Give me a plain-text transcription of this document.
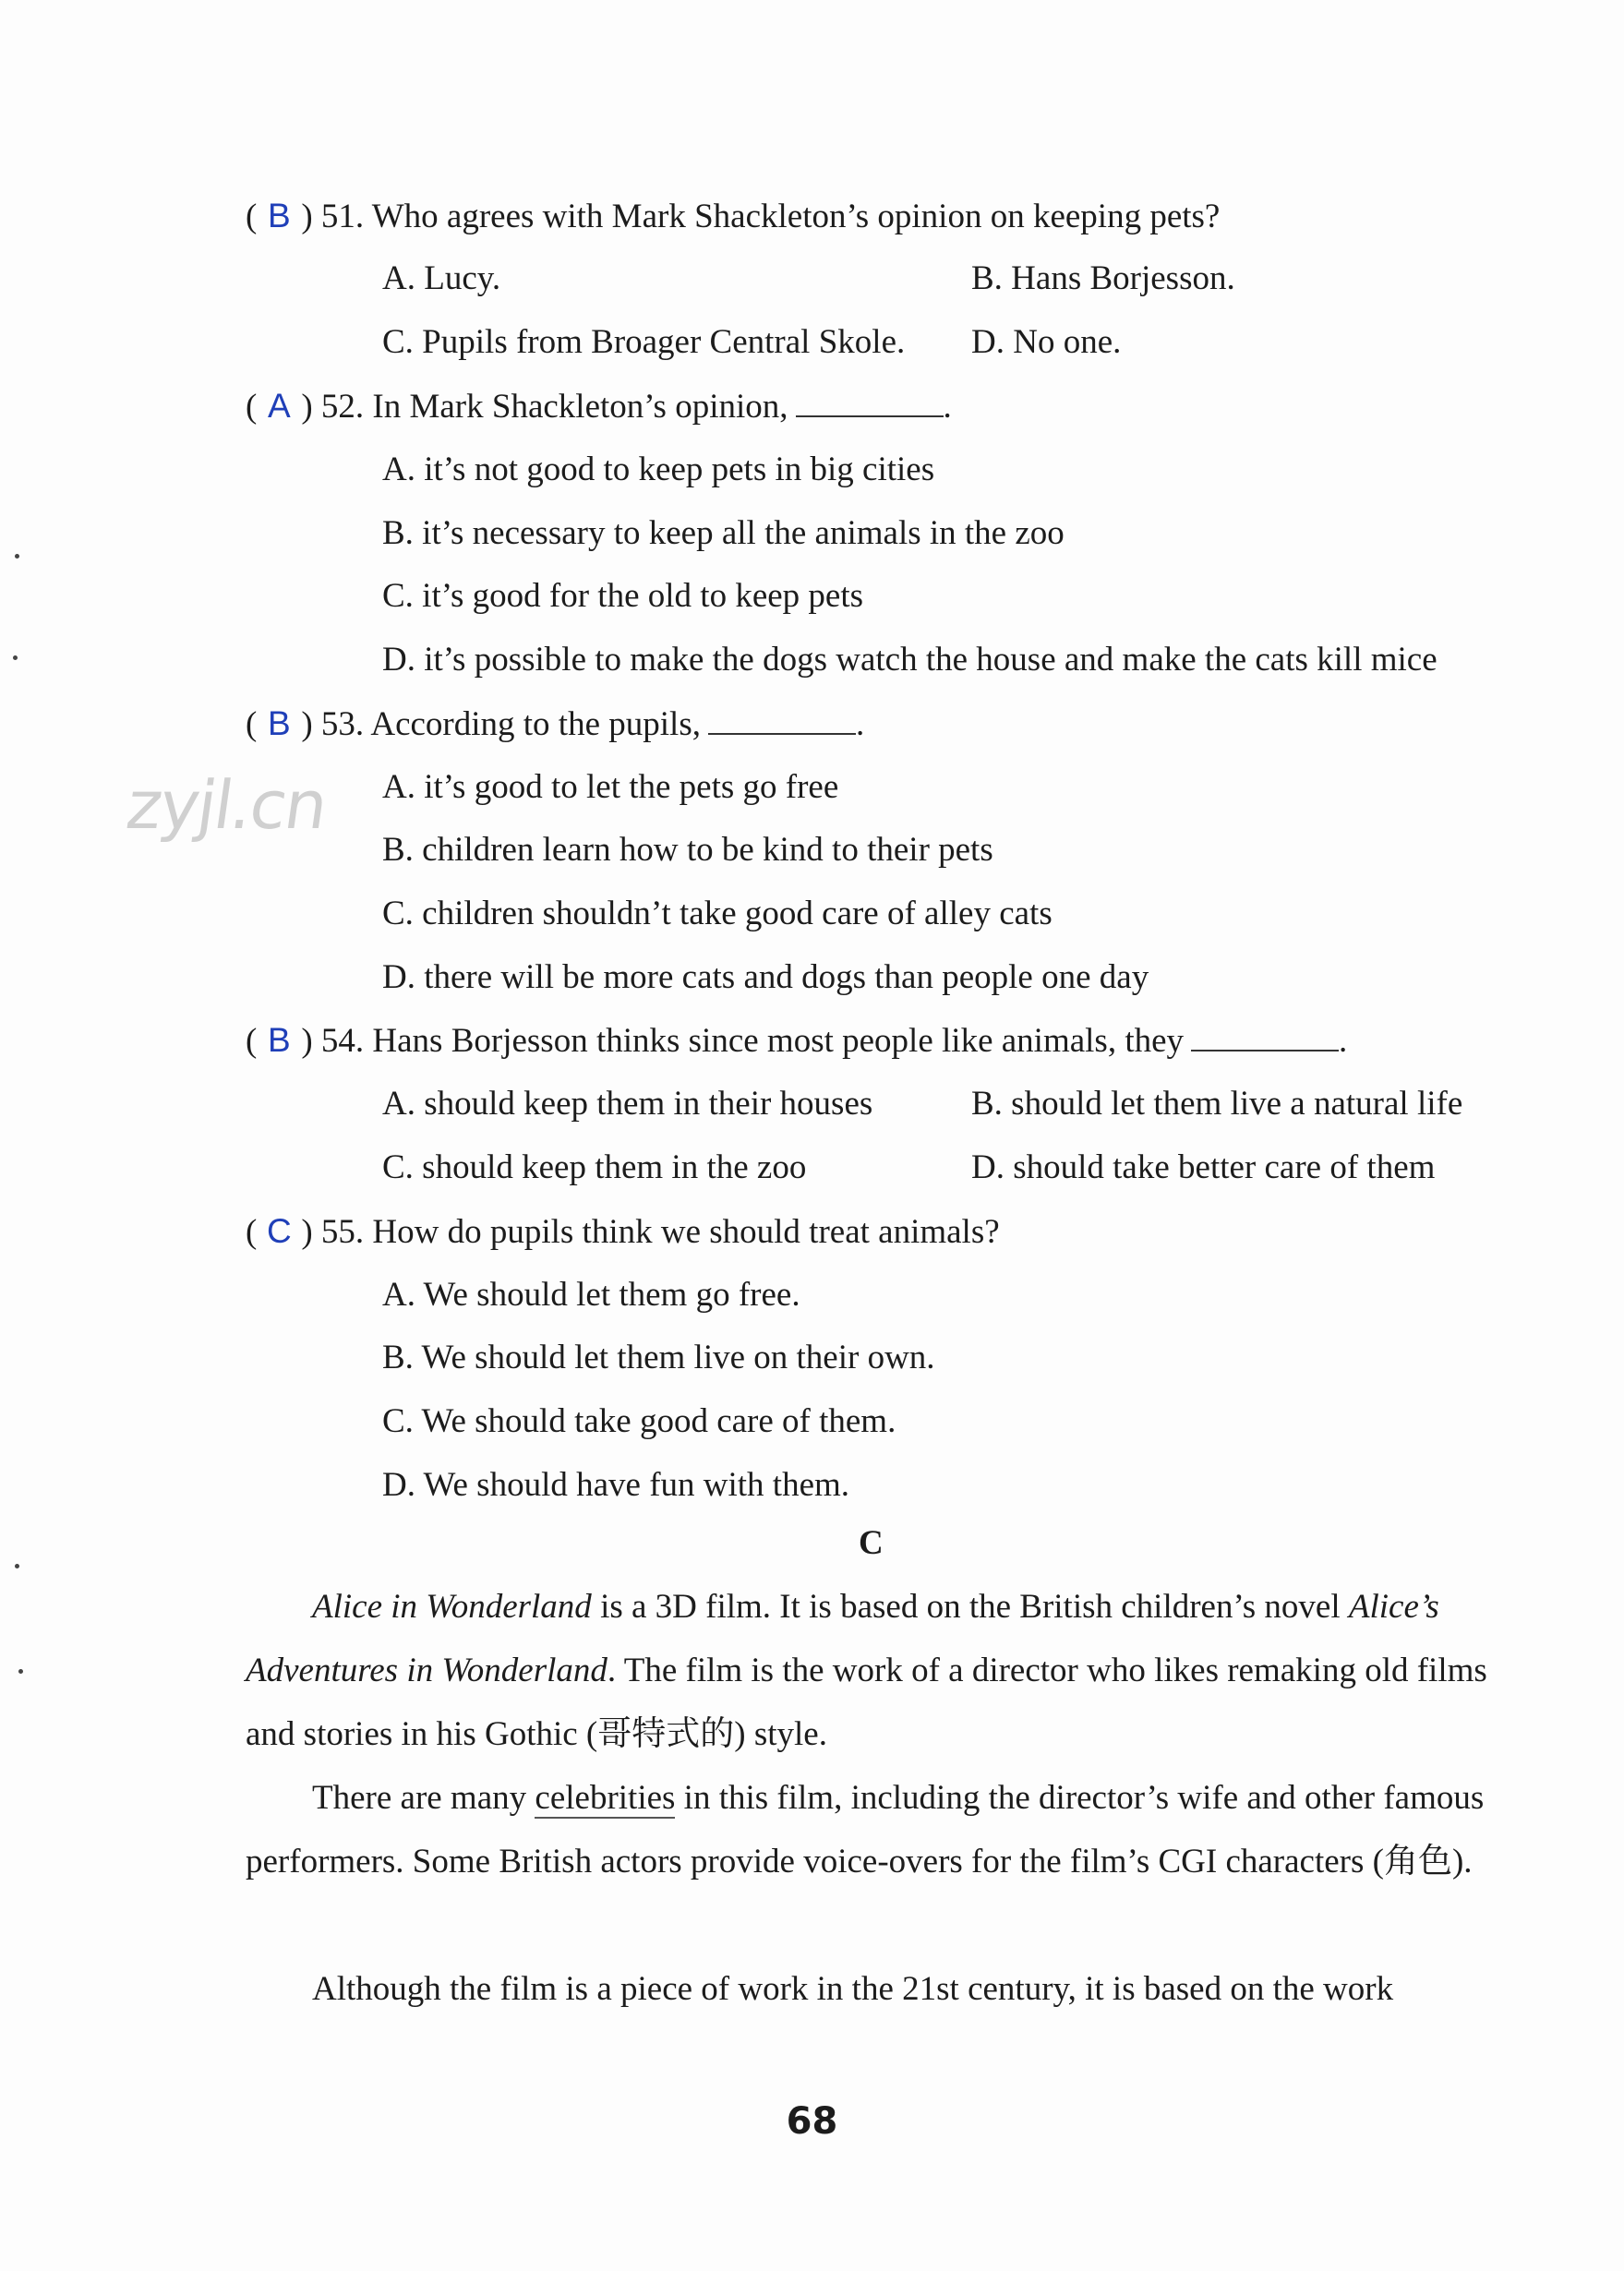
zyjl.cn
( B ) 51. Who agrees with Mark Shackleton’s opinion on keeping pets?
A. Lucy.	B. Hans Borjesson.
C. Pupils from Broager Central Skole. D. No one.
( A ) 52. In Mark Shackleton’s opinion,	.
A. it’s not good to keep pets in big cities
B. it’s necessary to keep all the animals in the zoo
C. it’s good for the old to keep pets
D. it’s possible to make the dogs watch the house and make the cats kill mice
( B ) 53. According to the pupils,	.
A. it’s good to let the pets go free
B. children learn how to be kind to their pets
C. children shouldn’t take good care of alley cats
D. there will be more cats and dogs than people one day
( B ) 54. Hans Borjesson thinks since most people like animals, they	.
A. should keep them in their houses	B. should let them live a natural life
C. should keep them in the zoo	D. should take better care of them
( C ) 55. How do pupils think we should treat animals?
A. We should let them go free.
B. We should let them live on their own.
C. We should take good care of them.
D. We should have fun with them.
C
Alice in Wonderland is a 3D film. It is based on the British children’s novel Alice’s Adventures in Wonderland. The film is the work of a director who likes remaking old films and stories in his Gothic (哥特式的) style.
There are many celebrities in this film, including the director’s wife and other famous performers. Some British actors provide voice-overs for the film’s CGI characters (角色).
Although the film is a piece of work in the 21st century, it is based on the work
68
